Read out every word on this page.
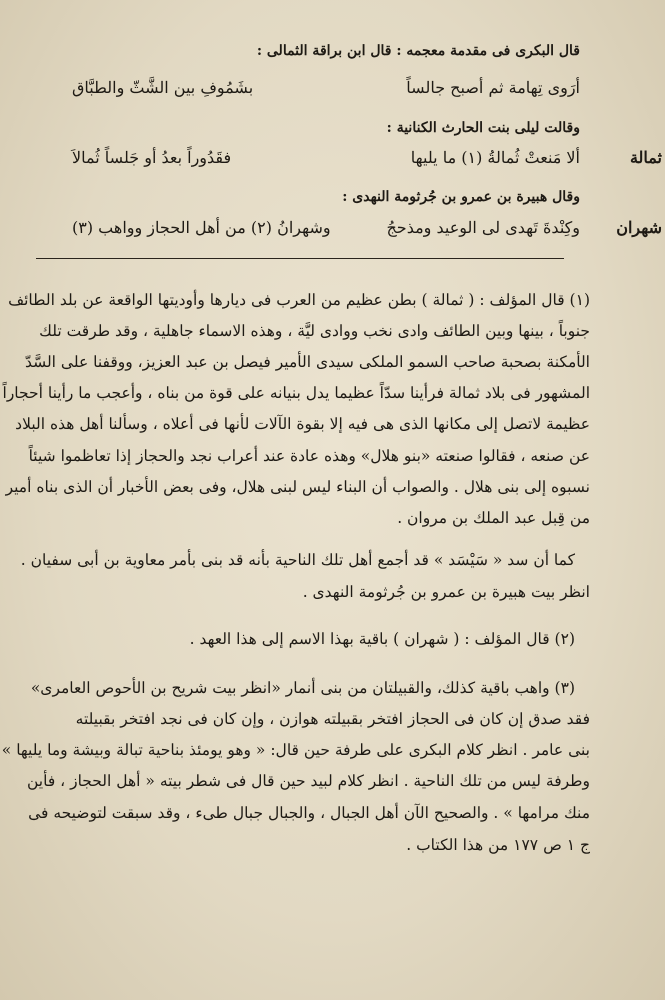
قال البكرى فى مقدمة معجمه : قال ابن براقة الثمالى :
أرَوى تِهامة ثم أصبح جالساً
بشَمُوفِ بين الشَّثّ والطبَّاق
وقالت ليلى بنت الحارث الكنانية :
ثمالة
ألا مَنعتْ ثُمالةُ (١) ما يليها
فقَدُوراً بعدُ أو جَلساً ثُمالاَ
وقال هبيرة بن عمرو بن جُرثومة النهدى :
شهران
وكِنْدةَ تَهدى لى الوعيد ومذحجُ
وشهرانُ (٢) من أهل الحجاز وواهب (٣)
(١) قال المؤلف : ( ثمالة ) بطن عظيم من العرب فى ديارها وأوديتها الواقعة عن بلد الطائف
جنوباً ، بينها وبين الطائف وادى نخب ووادى ليَّة ، وهذه الاسماء جاهلية ، وقد طرقت تلك
الأمكنة بصحبة صاحب السمو الملكى سيدى الأمير فيصل بن عبد العزيز، ووقفنا على السَّدّ
المشهور فى بلاد ثمالة فرأينا سدّاً عظيما يدل بنيانه على قوة من بناه ، وأعجب ما رأينا أحجاراً
عظيمة لاتصل إلى مكانها الذى هى فيه إلا بقوة الآلات لأنها فى أعلاه ، وسألنا أهل هذه البلاد
عن صنعه ، فقالوا صنعته «بنو هلال» وهذه عادة عند أعراب نجد والحجاز إذا تعاظموا شيئاً
نسبوه إلى بنى هلال . والصواب أن البناء ليس لبنى هلال، وفى بعض الأخبار أن الذى بناه أمير
من قِبل عبد الملك بن مروان .
كما أن سد « سَيْسَد » قد أجمع أهل تلك الناحية بأنه قد بنى بأمر معاوية بن أبى سفيان .
انظر بيت هبيرة بن عمرو بن جُرثومة النهدى .
(٢) قال المؤلف : ( شهران ) باقية بهذا الاسم إلى هذا العهد .
(٣) واهب باقية كذلك، والقبيلتان من بنى أنمار «انظر بيت شريح بن الأحوص العامرى»
فقد صدق إن كان فى الحجاز افتخر بقبيلته هوازن ، وإن كان فى نجد افتخر بقبيلته
بنى عامر . انظر كلام البكرى على طرفة حين قال: « وهو يومئذ بناحية تبالة وبيشة وما يليها »
وطرفة ليس من تلك الناحية . انظر كلام لبيد حين قال فى شطر بيته « أهل الحجاز ، فأين
منك مرامها » . والصحيح الآن أهل الجبال ، والجبال جبال طىء ، وقد سبقت لتوضيحه فى
ج ١ ص ١٧٧ من هذا الكتاب .
